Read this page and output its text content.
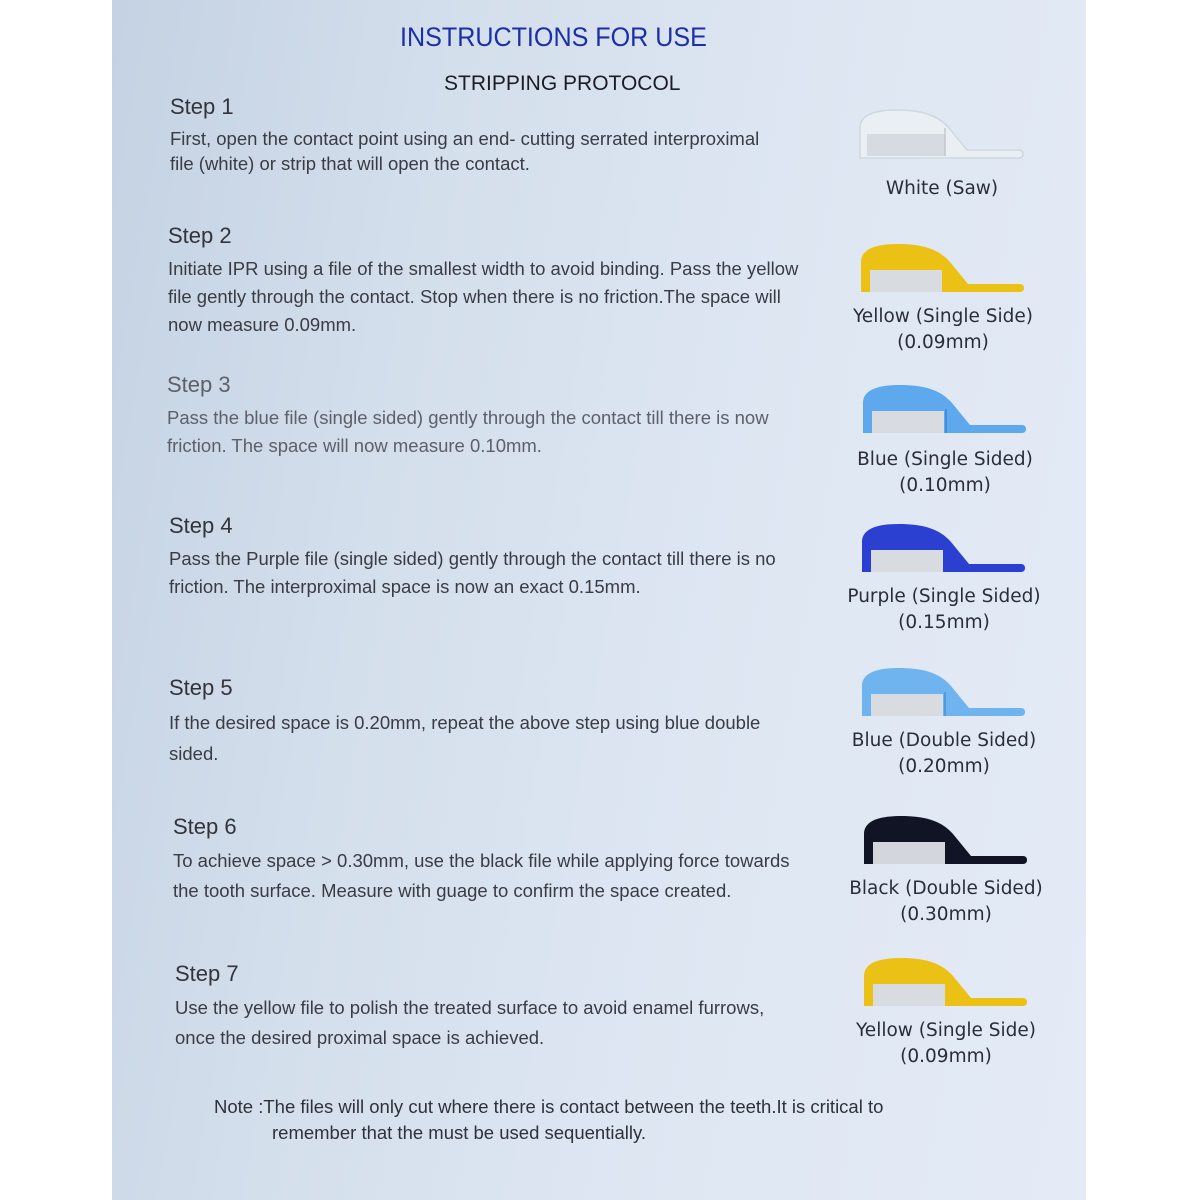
INSTRUCTIONS FOR USE
STRIPPING PROTOCOL
Step 1
First, open the contact point using an end- cutting serrated interproximal file (white) or strip that will open the contact.
Step 2
Initiate IPR using a file of the smallest width to avoid binding. Pass the yellow file gently through the contact. Stop when there is no friction.The space will now measure 0.09mm.
Step 3
Pass the blue file (single sided) gently through the contact till there is now friction. The space will now measure 0.10mm.
Step 4
Pass the Purple file (single sided) gently through the contact till there is no friction. The interproximal space is now an exact 0.15mm.
Step 5
If the desired space is 0.20mm, repeat the above step using blue double sided.
Step 6
To achieve space > 0.30mm, use the black file while applying force towards the tooth surface. Measure with guage to confirm the space created.
Step 7
Use the yellow file to polish the treated surface to avoid enamel furrows, once the desired proximal space is achieved.
White (Saw)
Yellow (Single Side)
(0.09mm)
Blue (Single Sided)
(0.10mm)
Purple (Single Sided)
(0.15mm)
Blue (Double Sided)
(0.20mm)
Black (Double Sided)
(0.30mm)
Yellow (Single Side)
(0.09mm)
Note :The files will only cut where there is contact between the teeth.It is critical to
remember that the must be used sequentially.
